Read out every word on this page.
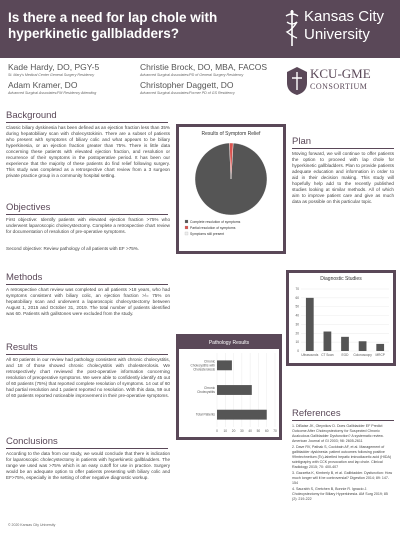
Is there a need for lap chole with hyperkinetic gallbladders?
Kansas City
University
Kade Hardy, DO, PGY-5
St. Mary's Medical Center General Surgery Residency
Adam Kramer, DO
Advanced Surgical Associates/FM Residency Attending
Christie Brock, DO, MBA, FACOS
Advanced Surgical Associates/PD of General Surgery Residency
Christopher Daggett, DO
Advanced Surgical Associates/Former PD of GS Residency
KCU-GME
CONSORTIUM
Background
Classic biliary dyskinesia has been defined as an ejection fraction less than 35% during hepatobiliary scan with cholecystokinin. There are a subset of patients who present with symptoms of biliary colic and what appears to be biliary hyperkinesia, or an ejection fraction greater than 75%. There is little data concerning these patients with elevated ejection fraction, and resolution or recurrence of their symptoms in the postoperative period. It has been our experience that the majority of these patients do find relief following surgery. This study was completed as a retrospective chart review from a 3 surgeon private practice group in a community hospital setting.
Objectives
First objective: Identify patients with elevated ejection fraction >75% who underwent laparoscopic cholecystectomy. Complete a retrospective chart review for documentation of resolution of pre-operative symptoms.
Second objective: Review pathology of all patients with EF >75%.
Methods
A retrospective chart review was completed on all patients >18 years, who had symptoms consistent with biliary colic, an ejection fraction >/= 75% on hepatobiliary scan and underwent a laparoscopic cholecystectomy between August 1, 2015 and October 31, 2019. The total number of patients identified was 60. Patients with gallstones were excluded from the study.
Results
All 60 patients in our review had pathology consistent with chronic cholecystitis, and 18 of those showed chronic cholecystitis with cholesterolosis. We retrospectively chart reviewed the post-operative information concerning resolution of preoperative symptoms. We were able to confidently identify 45 out of 60 patients (75%) that reported complete resolution of symptoms. 14 out of 60 had partial resolution and 1 patient reported no resolution. With this data, 59 out of 60 patients reported noticeable improvement in their pre-operative symptoms.
Conclusions
According to the data from our study, we would conclude that there is indication for laparoscopic cholecystectomy in patients with hyperkinetic gallbladders. The range we used was >75% which is an easy cutoff for use in practice. Surgery would be an adequate option to offer patients presenting with biliary colic and EF>75%, especially in the setting of other negative diagnostic workup.
Results of Symptom Relief
Complete resolution of symptoms
Partial resolution of symptoms
Symptoms still present
Plan
Moving forward, we will continue to offer patients the option to proceed with lap chole for hyperkinetic gallbladders. Plan to provide patients adequate education and information in order to aid in their decision making. This study will hopefully help add to the recently published studies looking at similar methods. All of which aim to improve patient care and give as much data as possible on this particular topic.
Diagnostic Studies
0
10
20
30
40
50
60
70
Ultrasounds CT Scan EGD Colonoscopy MRCP
Pathology Results
0 10 20 30 40 50 60 70
Chronic Cholecystitis with Cholesterolosis
Chronic Cholecystitis
Total Patients	References
1. DiBaise JK, Oleynikov D. Does Gallbladder EF Predict Outcome After Cholecystectomy for Suspected Chronic Acalculous Gallbladder Dysfunction? A systematic review. American Journal of GI 2003; 98: 2605-2611
2. Dave RV, Pathak S, Cockbain AF, et al. Management of gallbladder dyskinesia: patient outcomes following positive 99mtechnetium (Tc)-labelled hepatic iminodiacetic acid (HIDA) scintigraphy with CCK provocation and lap chole. Clinical Radiology 2015; 70: 400-407
3. Gazzetta K, Kimberly B, et al. Gallbladder. Dysfunction: How much longer will it be controversial? Digestion 2014; 89: 147-154
4. Saurabh S, Gretchen B, Bonnie R. Ignacio J. Cholecystectomy for Biliary Hyperkinesia. AM Surg 2019; 85 (2): 219-222
© 2020 Kansas City University
